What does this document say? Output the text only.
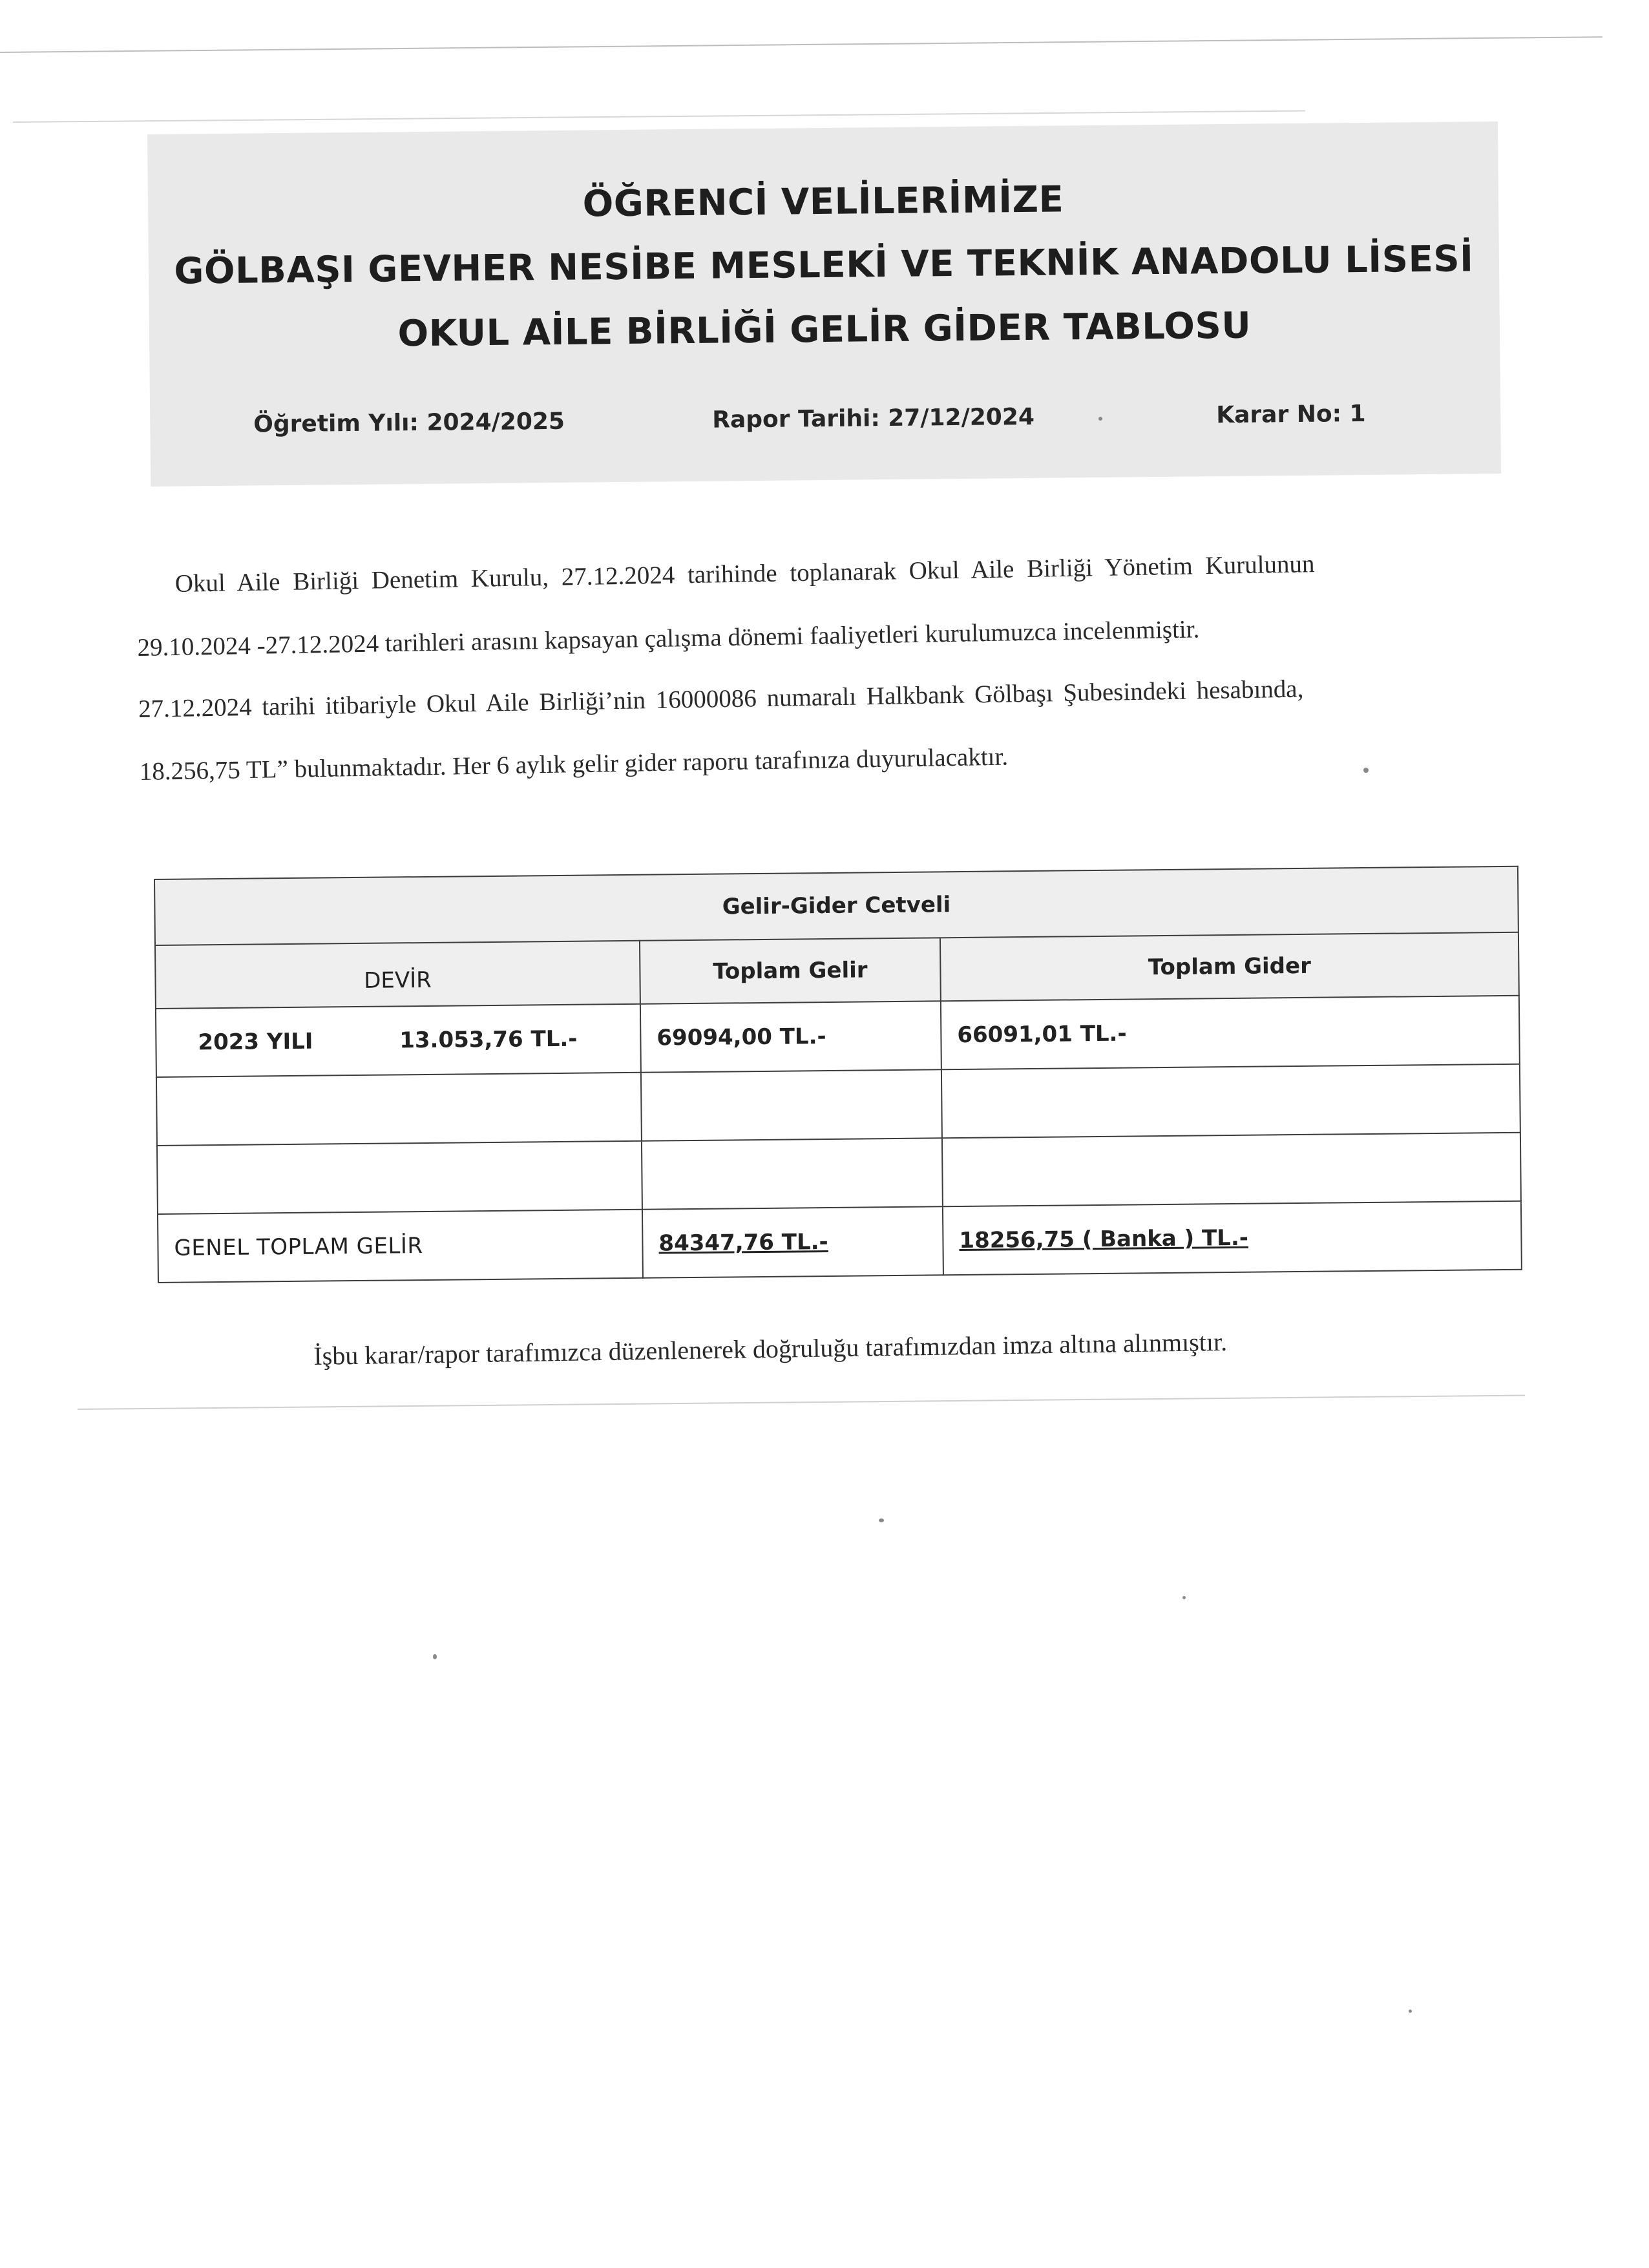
ÖĞRENCİ VELİLERİMİZE
GÖLBAŞI GEVHER NESİBE MESLEKİ VE TEKNİK ANADOLU LİSESİ
OKUL AİLE BİRLİĞİ GELİR GİDER TABLOSU
Öğretim Yılı: 2024/2025	Rapor Tarihi: 27/12/2024	Karar No: 1
Okul Aile Birliği Denetim Kurulu, 27.12.2024 tarihinde toplanarak Okul Aile Birliği Yönetim Kurulunun
29.10.2024 -27.12.2024 tarihleri arasını kapsayan çalışma dönemi faaliyetleri kurulumuzca incelenmiştir.
27.12.2024 tarihi itibariyle Okul Aile Birliği’nin 16000086 numaralı Halkbank Gölbaşı Şubesindeki hesabında,
18.256,75 TL” bulunmaktadır. Her 6 aylık gelir gider raporu tarafınıza duyurulacaktır.
Gelir-Gider Cetveli		
DEVİR	Toplam Gelir	Toplam Gider
2023 YILI 13.053,76 TL.-	69094,00 TL.-	66091,01 TL.-

GENEL TOPLAM GELİR	84347,76 TL.-	18256,75 ( Banka ) TL.-
İşbu karar/rapor tarafımızca düzenlenerek doğruluğu tarafımızdan imza altına alınmıştır.
